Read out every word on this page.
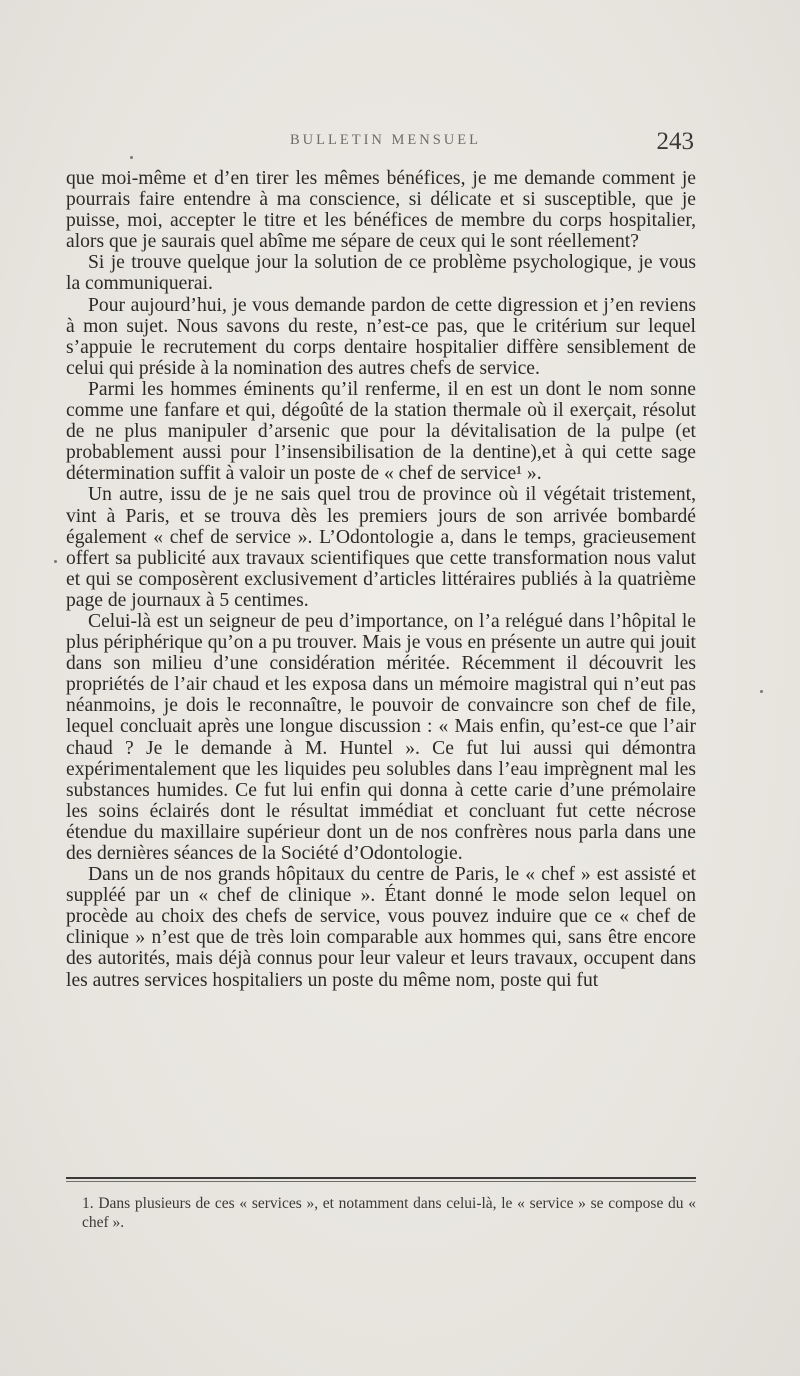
BULLETIN MENSUEL	243

que moi-même et d’en tirer les mêmes bénéfices, je me demande comment je pourrais faire entendre à ma conscience, si délicate et si susceptible, que je puisse, moi, accepter le titre et les bénéfices de membre du corps hospitalier, alors que je saurais quel abîme me sépare de ceux qui le sont réellement?

Si je trouve quelque jour la solution de ce problème psychologique, je vous la communiquerai.

Pour aujourd’hui, je vous demande pardon de cette digression et j’en reviens à mon sujet. Nous savons du reste, n’est-ce pas, que le critérium sur lequel s’appuie le recrutement du corps dentaire hospitalier diffère sensiblement de celui qui préside à la nomination des autres chefs de service.

Parmi les hommes éminents qu’il renferme, il en est un dont le nom sonne comme une fanfare et qui, dégoûté de la station thermale où il exerçait, résolut de ne plus manipuler d’arsenic que pour la dévitalisation de la pulpe (et probablement aussi pour l’insensibilisation de la dentine),et à qui cette sage détermination suffit à valoir un poste de « chef de service¹ ».

Un autre, issu de je ne sais quel trou de province où il végétait tristement, vint à Paris, et se trouva dès les premiers jours de son arrivée bombardé également « chef de service ». L’Odontologie a, dans le temps, gracieusement offert sa publicité aux travaux scientifiques que cette transformation nous valut et qui se composèrent exclusivement d’articles littéraires publiés à la quatrième page de journaux à 5 centimes.

Celui-là est un seigneur de peu d’importance, on l’a relégué dans l’hôpital le plus périphérique qu’on a pu trouver. Mais je vous en présente un autre qui jouit dans son milieu d’une considération méritée. Récemment il découvrit les propriétés de l’air chaud et les exposa dans un mémoire magistral qui n’eut pas néanmoins, je dois le reconnaître, le pouvoir de convaincre son chef de file, lequel concluait après une longue discussion : « Mais enfin, qu’est-ce que l’air chaud ? Je le demande à M. Huntel ». Ce fut lui aussi qui démontra expérimentalement que les liquides peu solubles dans l’eau imprègnent mal les substances humides. Ce fut lui enfin qui donna à cette carie d’une prémolaire les soins éclairés dont le résultat immédiat et concluant fut cette nécrose étendue du maxillaire supérieur dont un de nos confrères nous parla dans une des dernières séances de la Société d’Odontologie.

Dans un de nos grands hôpitaux du centre de Paris, le « chef » est assisté et suppléé par un « chef de clinique ». Étant donné le mode selon lequel on procède au choix des chefs de service, vous pouvez induire que ce « chef de clinique » n’est que de très loin comparable aux hommes qui, sans être encore des autorités, mais déjà connus pour leur valeur et leurs travaux, occupent dans les autres services hospitaliers un poste du même nom, poste qui fut

1. Dans plusieurs de ces « services », et notamment dans celui-là, le « service » se compose du « chef ».
